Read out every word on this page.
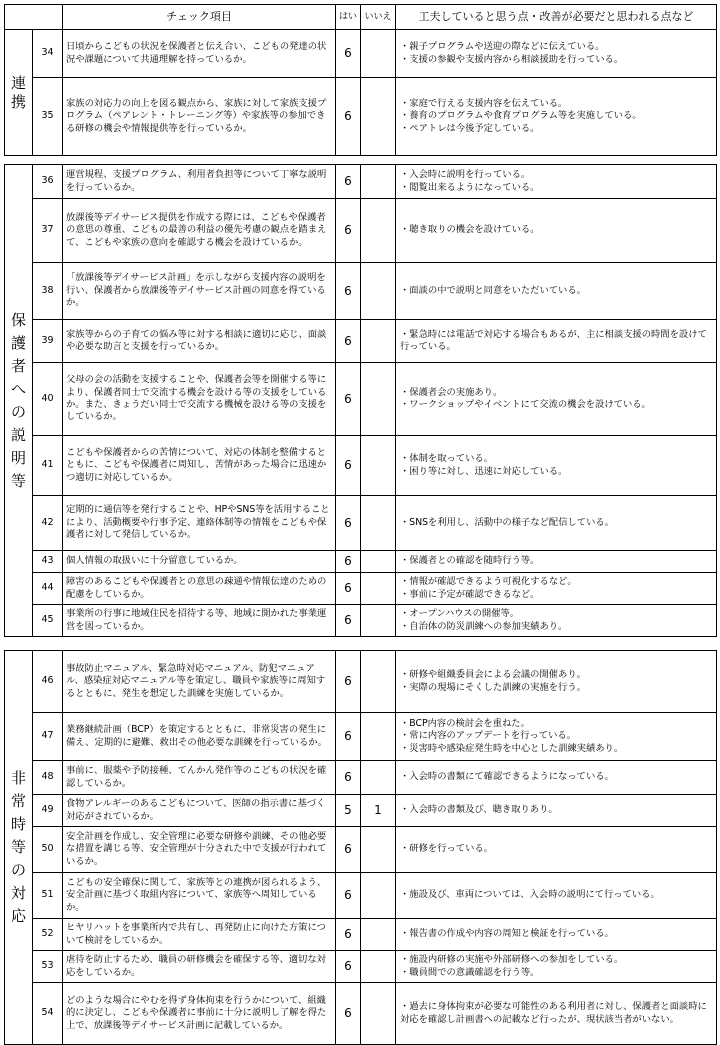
		チェック項目	はい	いいえ	工夫していると思う点・改善が必要だと思われる点など

連携	34	日頃からこどもの状況を保護者と伝え合い、こどもの発達の状況や課題について共通理解を持っているか。	6		・親子プログラムや送迎の際などに伝えている。
・支援の参観や支援内容から相談援助を行っている。

	35	家族の対応力の向上を図る観点から、家族に対して家族支援プログラム（ペアレント・トレーニング等）や家族等の参加できる研修の機会や情報提供等を行っているか。	6		・家庭で行える支援内容を伝えている。
・養育のプログラムや食育プログラム等を実施している。
・ペアトレは今後予定している。
保護者への説明等	36	運営規程、支援プログラム、利用者負担等について丁寧な説明を行っているか。	6		・入会時に説明を行っている。
・閲覧出来るようになっている。

	37	放課後等デイサービス提供を作成する際には、こどもや保護者の意思の尊重、こどもの最善の利益の優先考慮の観点を踏まえて、こどもや家族の意向を確認する機会を設けているか。	6		・聴き取りの機会を設けている。

	38	「放課後等デイサービス計画」を示しながら支援内容の説明を行い、保護者から放課後等デイサービス計画の同意を得ているか。	6		・面談の中で説明と同意をいただいている。

	39	家族等からの子育ての悩み等に対する相談に適切に応じ、面談や必要な助言と支援を行っているか。	6		・緊急時には電話で対応する場合もあるが、主に相談支援の時間を設けて行っている。

	40	父母の会の活動を支援することや、保護者会等を開催する等により、保護者同士で交流する機会を設ける等の支援をしているか。また、きょうだい同士で交流する機械を設ける等の支援をしているか。	6		・保護者会の実施あり。
・ワークショップやイベントにて交流の機会を設けている。

	41	こどもや保護者からの苦情について、対応の体制を整備するとともに、こどもや保護者に周知し、苦情があった場合に迅速かつ適切に対応しているか。	6		・体制を取っている。
・困り等に対し、迅速に対応している。

	42	定期的に通信等を発行することや、HPやSNS等を活用することにより、活動概要や行事予定、連絡体制等の情報をこどもや保護者に対して発信しているか。	6		・SNSを利用し、活動中の様子など配信している。

	43	個人情報の取扱いに十分留意しているか。	6		・保護者との確認を随時行う等。

	44	障害のあるこどもや保護者との意思の疎通や情報伝達のための配慮をしているか。	6		・情報が確認できるよう可視化するなど。
・事前に予定が確認できるなど。

	45	事業所の行事に地域住民を招待する等、地域に開かれた事業運営を図っているか。	6		・オープンハウスの開催等。
・自治体の防災訓練への参加実績あり。
非常時等の対応	46	事故防止マニュアル、緊急時対応マニュアル、防犯マニュアル、感染症対応マニュアル等を策定し、職員や家族等に周知するとともに、発生を想定した訓練を実施しているか。	6		・研修や組織委員会による会議の開催あり。
・実際の現場にそくした訓練の実施を行う。

	47	業務継続計画（BCP）を策定するとともに、非常災害の発生に備え、定期的に避難、救出その他必要な訓練を行っているか。	6		・BCP内容の検討会を重ねた。
・常に内容のアップデートを行っている。
・災害時や感染症発生時を中心とした訓練実績あり。

	48	事前に、服薬や予防接種、てんかん発作等のこどもの状況を確認しているか。	6		・入会時の書類にて確認できるようになっている。

	49	食物アレルギーのあるこどもについて、医師の指示書に基づく対応がされているか。	5	1	・入会時の書類及び、聴き取りあり。

	50	安全計画を作成し、安全管理に必要な研修や訓練、その他必要な措置を講じる等、安全管理が十分された中で支援が行われているか。	6		・研修を行っている。

	51	こどもの安全確保に関して、家族等との連携が図られるよう、安全計画に基づく取組内容について、家族等へ周知しているか。	6		・施設及び、車両については、入会時の説明にて行っている。

	52	ヒヤリハットを事業所内で共有し、再発防止に向けた方策について検討をしているか。	6		・報告書の作成や内容の周知と検証を行っている。

	53	虐待を防止するため、職員の研修機会を確保する等、適切な対応をしているか。	6		・施設内研修の実施や外部研修への参加をしている。
・職員間での意識確認を行う等。

	54	どのような場合にやむを得ず身体拘束を行うかについて、組織的に決定し、こどもや保護者に事前に十分に説明し了解を得た上で、放課後等デイサービス計画に記載しているか。	6		・過去に身体拘束が必要な可能性のある利用者に対し、保護者と面談時に対応を確認し計画書への記載など行ったが、現状該当者がいない。
